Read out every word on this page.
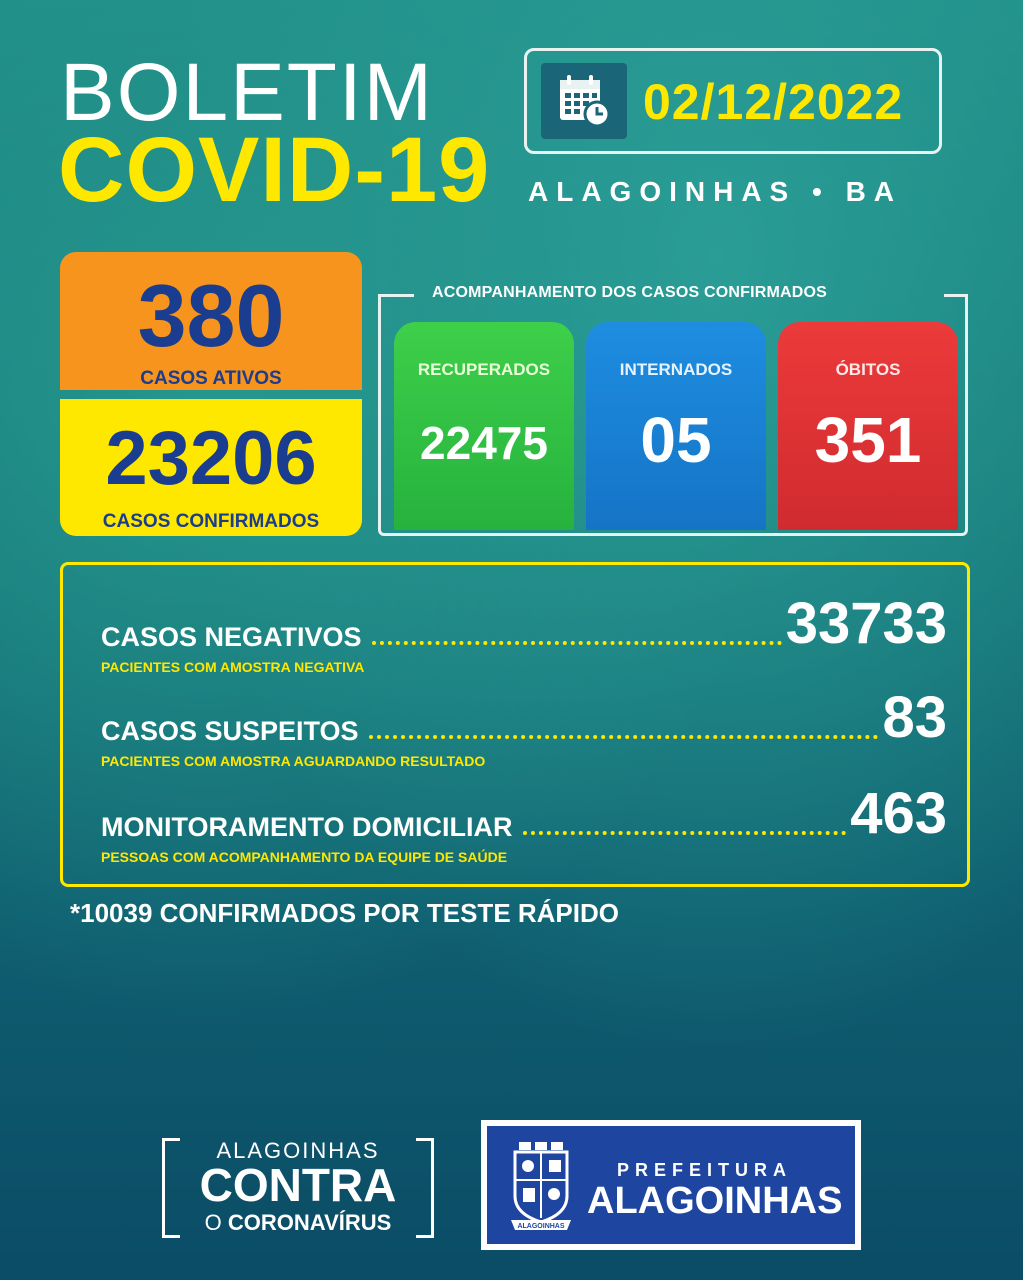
BOLETIM
COVID-19
02/12/2022
ALAGOINHAS • BA
380
CASOS ATIVOS
23206
CASOS CONFIRMADOS
ACOMPANHAMENTO DOS CASOS CONFIRMADOS
RECUPERADOS
22475
INTERNADOS
05
ÓBITOS
351
CASOS NEGATIVOS	33733
PACIENTES COM AMOSTRA NEGATIVA
CASOS SUSPEITOS	83
PACIENTES COM AMOSTRA AGUARDANDO RESULTADO
MONITORAMENTO DOMICILIAR	463
PESSOAS COM ACOMPANHAMENTO DA EQUIPE DE SAÚDE
*10039 CONFIRMADOS POR TESTE RÁPIDO
ALAGOINHAS
CONTRA
O CORONAVÍRUS	ALAGOINHAS
PREFEITURA
ALAGOINHAS
